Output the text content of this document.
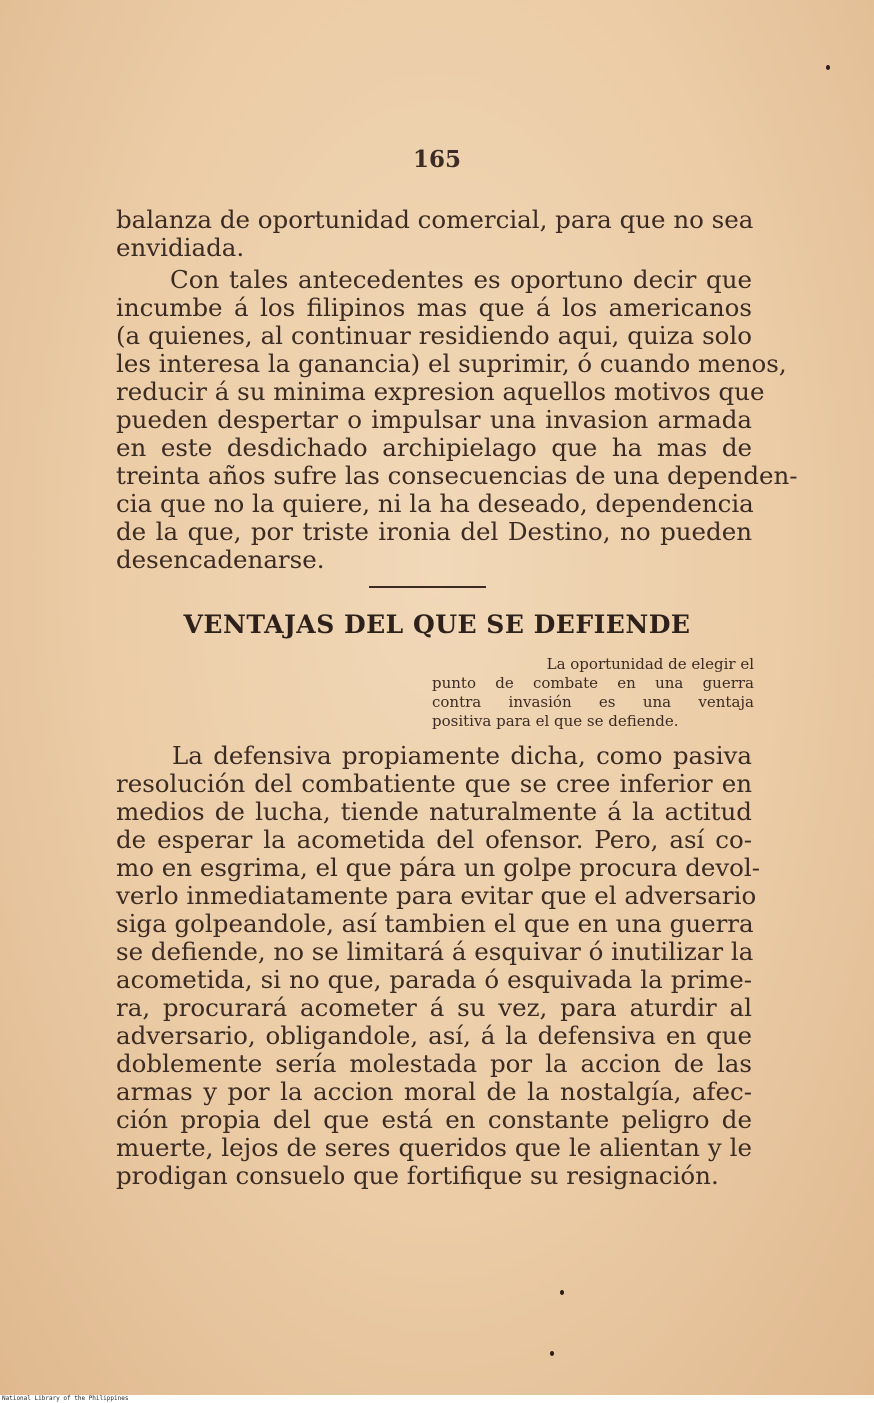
165
balanza de oportunidad comercial, para que no sea
envidiada.
Con tales antecedentes es oportuno decir que
incumbe á los filipinos mas que á los americanos
(a quienes, al continuar residiendo aqui, quiza solo
les interesa la ganancia) el suprimir, ó cuando menos,
reducir á su minima expresion aquellos motivos que
pueden despertar o impulsar una invasion armada
en este desdichado archipielago que ha mas de
treinta años sufre las consecuencias de una dependen-
cia que no la quiere, ni la ha deseado, dependencia
de la que, por triste ironia del Destino, no pueden
desencadenarse.
VENTAJAS DEL QUE SE DEFIENDE
La oportunidad de elegir el
punto de combate en una guerra
contra invasión es una ventaja
positiva para el que se defiende.
La defensiva propiamente dicha, como pasiva
resolución del combatiente que se cree inferior en
medios de lucha, tiende naturalmente á la actitud
de esperar la acometida del ofensor. Pero, así co-
mo en esgrima, el que pára un golpe procura devol-
verlo inmediatamente para evitar que el adversario
siga golpeandole, así tambien el que en una guerra
se defiende, no se limitará á esquivar ó inutilizar la
acometida, si no que, parada ó esquivada la prime-
ra, procurará acometer á su vez, para aturdir al
adversario, obligandole, así, á la defensiva en que
doblemente sería molestada por la accion de las
armas y por la accion moral de la nostalgía, afec-
ción propia del que está en constante peligro de
muerte, lejos de seres queridos que le alientan y le
prodigan consuelo que fortifique su resignación.
National Library of the Philippines
